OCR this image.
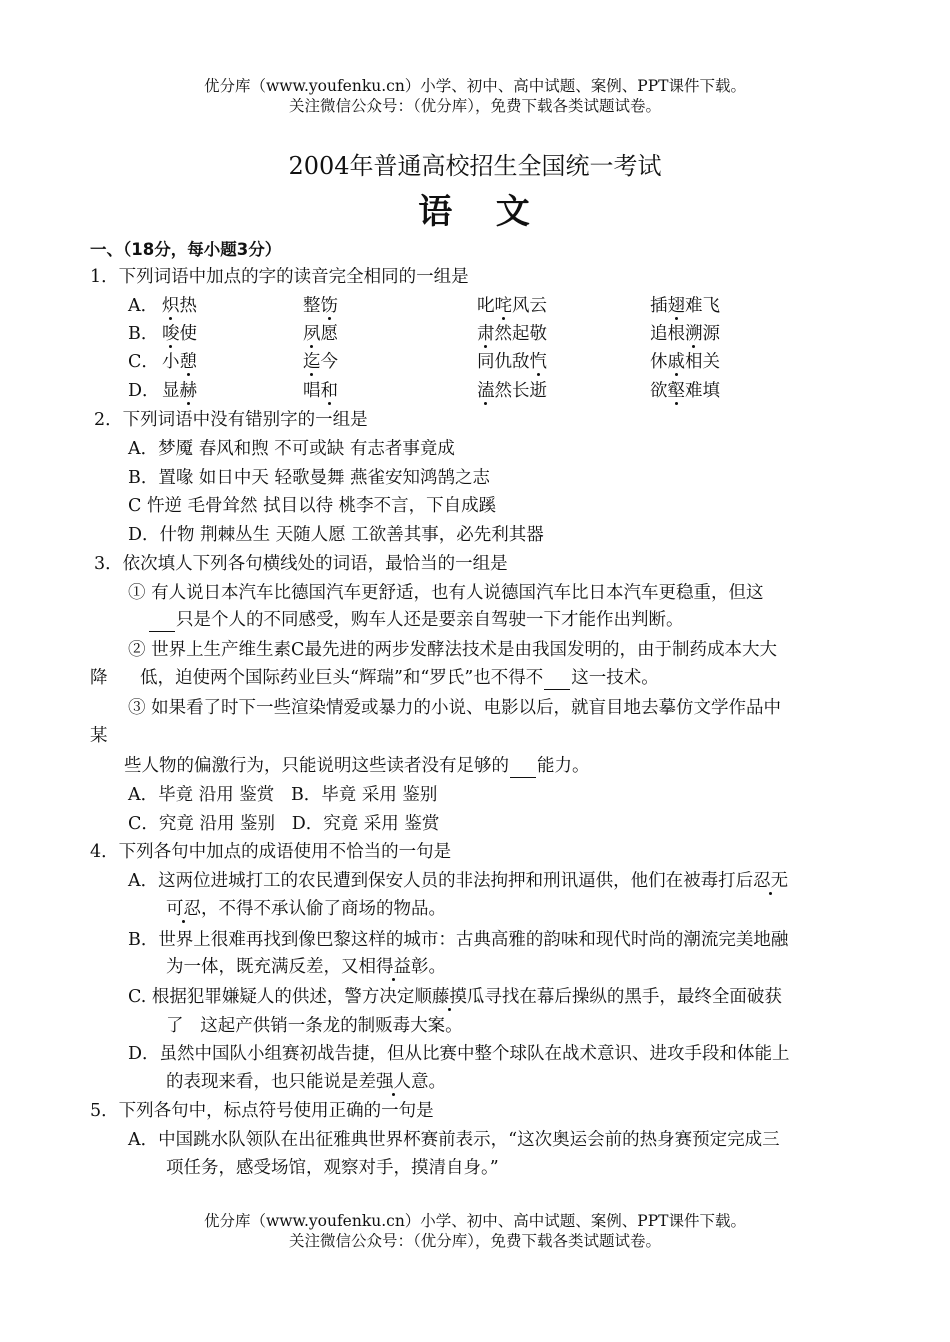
优分库（www.youfenku.cn）小学、初中、高中试题、案例、PPT课件下载。
关注微信公众号：（优分库），免费下载各类试题试卷。
2004年普通高校招生全国统一考试
语   文
一、（18分，每小题3分）
1．下列词语中加点的字的读音完全相同的一组是
A． 炽热	整饬	叱咤风云	插翅难飞
B． 唆使	夙愿	肃然起敬	追根溯源
C． 小憩	迄今	同仇敌忾	休戚相关
D． 显赫	唱和	溘然长逝	欲壑难填
2．下列词语中没有错别字的一组是
A．梦魇 春风和煦 不可或缺 有志者事竟成
B．置喙 如日中天 轻歌曼舞 燕雀安知鸿鹄之志
C 忤逆 毛骨耸然 拭目以待 桃李不言，下自成蹊
D．什物 荆棘丛生 天随人愿 工欲善其事，必先利其器
3．依次填人下列各句横线处的词语，最恰当的一组是
① 有人说日本汽车比德国汽车更舒适，也有人说德国汽车比日本汽车更稳重，但这
只是个人的不同感受，购车人还是要亲自驾驶一下才能作出判断。
② 世界上生产维生素C最先进的两步发酵法技术是由我国发明的，由于制药成本大大
降 低，迫使两个国际药业巨头“辉瑞”和“罗氏”也不得不 这一技术。
③ 如果看了时下一些渲染情爱或暴力的小说、电影以后，就盲目地去摹仿文学作品中
某
些人物的偏激行为，只能说明这些读者没有足够的 能力。
A．毕竟 沿用 鉴赏   B．毕竟 采用 鉴别
C．究竟 沿用 鉴别   D．究竟 采用 鉴赏
4．下列各句中加点的成语使用不恰当的一句是
A．这两位进城打工的农民遭到保安人员的非法拘押和刑讯逼供，他们在被毒打后忍无
可忍，不得不承认偷了商场的物品。
B．世界上很难再找到像巴黎这样的城市：古典高雅的韵味和现代时尚的潮流完美地融
为一体，既充满反差，又相得益彰。
C. 根据犯罪嫌疑人的供述，警方决定顺藤摸瓜寻找在幕后操纵的黑手，最终全面破获
了   这起产供销一条龙的制贩毒大案。
D．虽然中国队小组赛初战告捷，但从比赛中整个球队在战术意识、进攻手段和体能上
的表现来看，也只能说是差强人意。
5．下列各句中，标点符号使用正确的一句是
A．中国跳水队领队在出征雅典世界杯赛前表示，“这次奥运会前的热身赛预定完成三
项任务，感受场馆，观察对手，摸清自身。”
优分库（www.youfenku.cn）小学、初中、高中试题、案例、PPT课件下载。
关注微信公众号：（优分库），免费下载各类试题试卷。
